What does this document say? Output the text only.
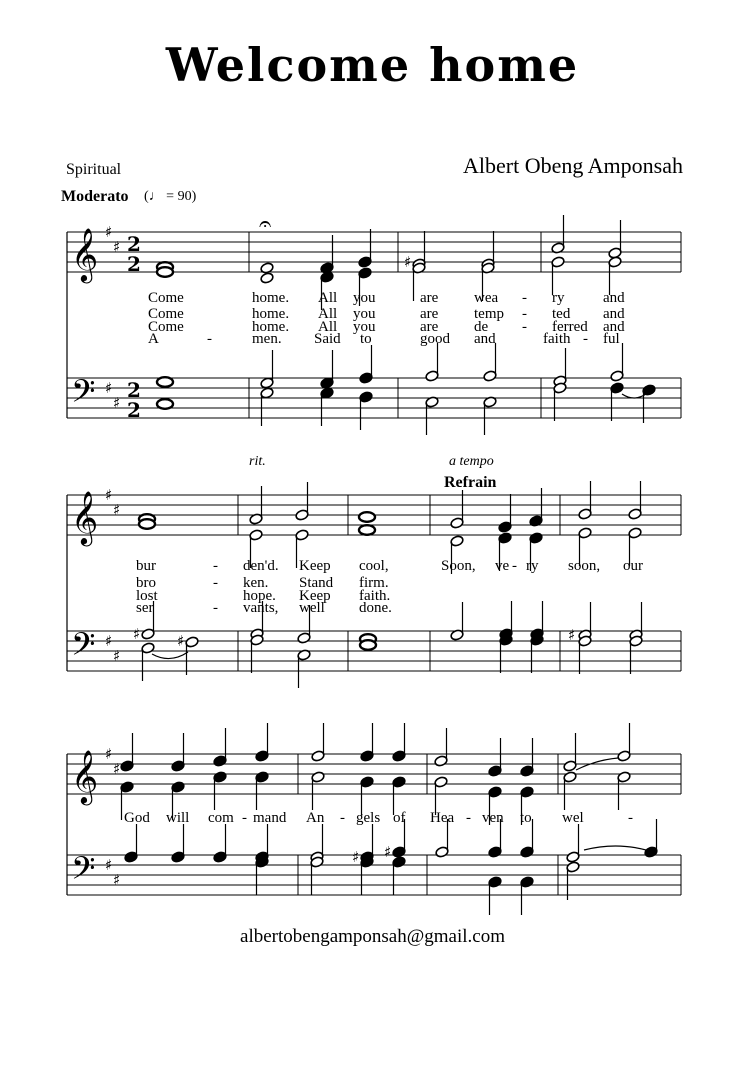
Welcome home
Spiritual	Albert Obeng Amponsah
Moderato (♩ = 90)
rit.	a tempo
Refrain
albertobengamponsah@gmail.com
𝄞
𝄢
♯
♯
♯
♯
2
2
2
2
𝄞
𝄢
♯
♯
♯
♯
𝄞
𝄢
♯
♯
♯
♯
𝄐
♯
♯ ♯	♯
♯ ♯
Come	home. All you	are wea - ry	and
Come	home. All you	are temp - ted and
Come	home. All you	are de - ferred and
A	-	men. Said to	good and	faith - ful
bur	- den'd. Keep cool,	Soon, ve - ry soon, our
bro	- ken. Stand firm.
lost	hope. Keep faith.
ser	- vants, well done.
God will com - mand An - gels of Hea - ven to wel	-
